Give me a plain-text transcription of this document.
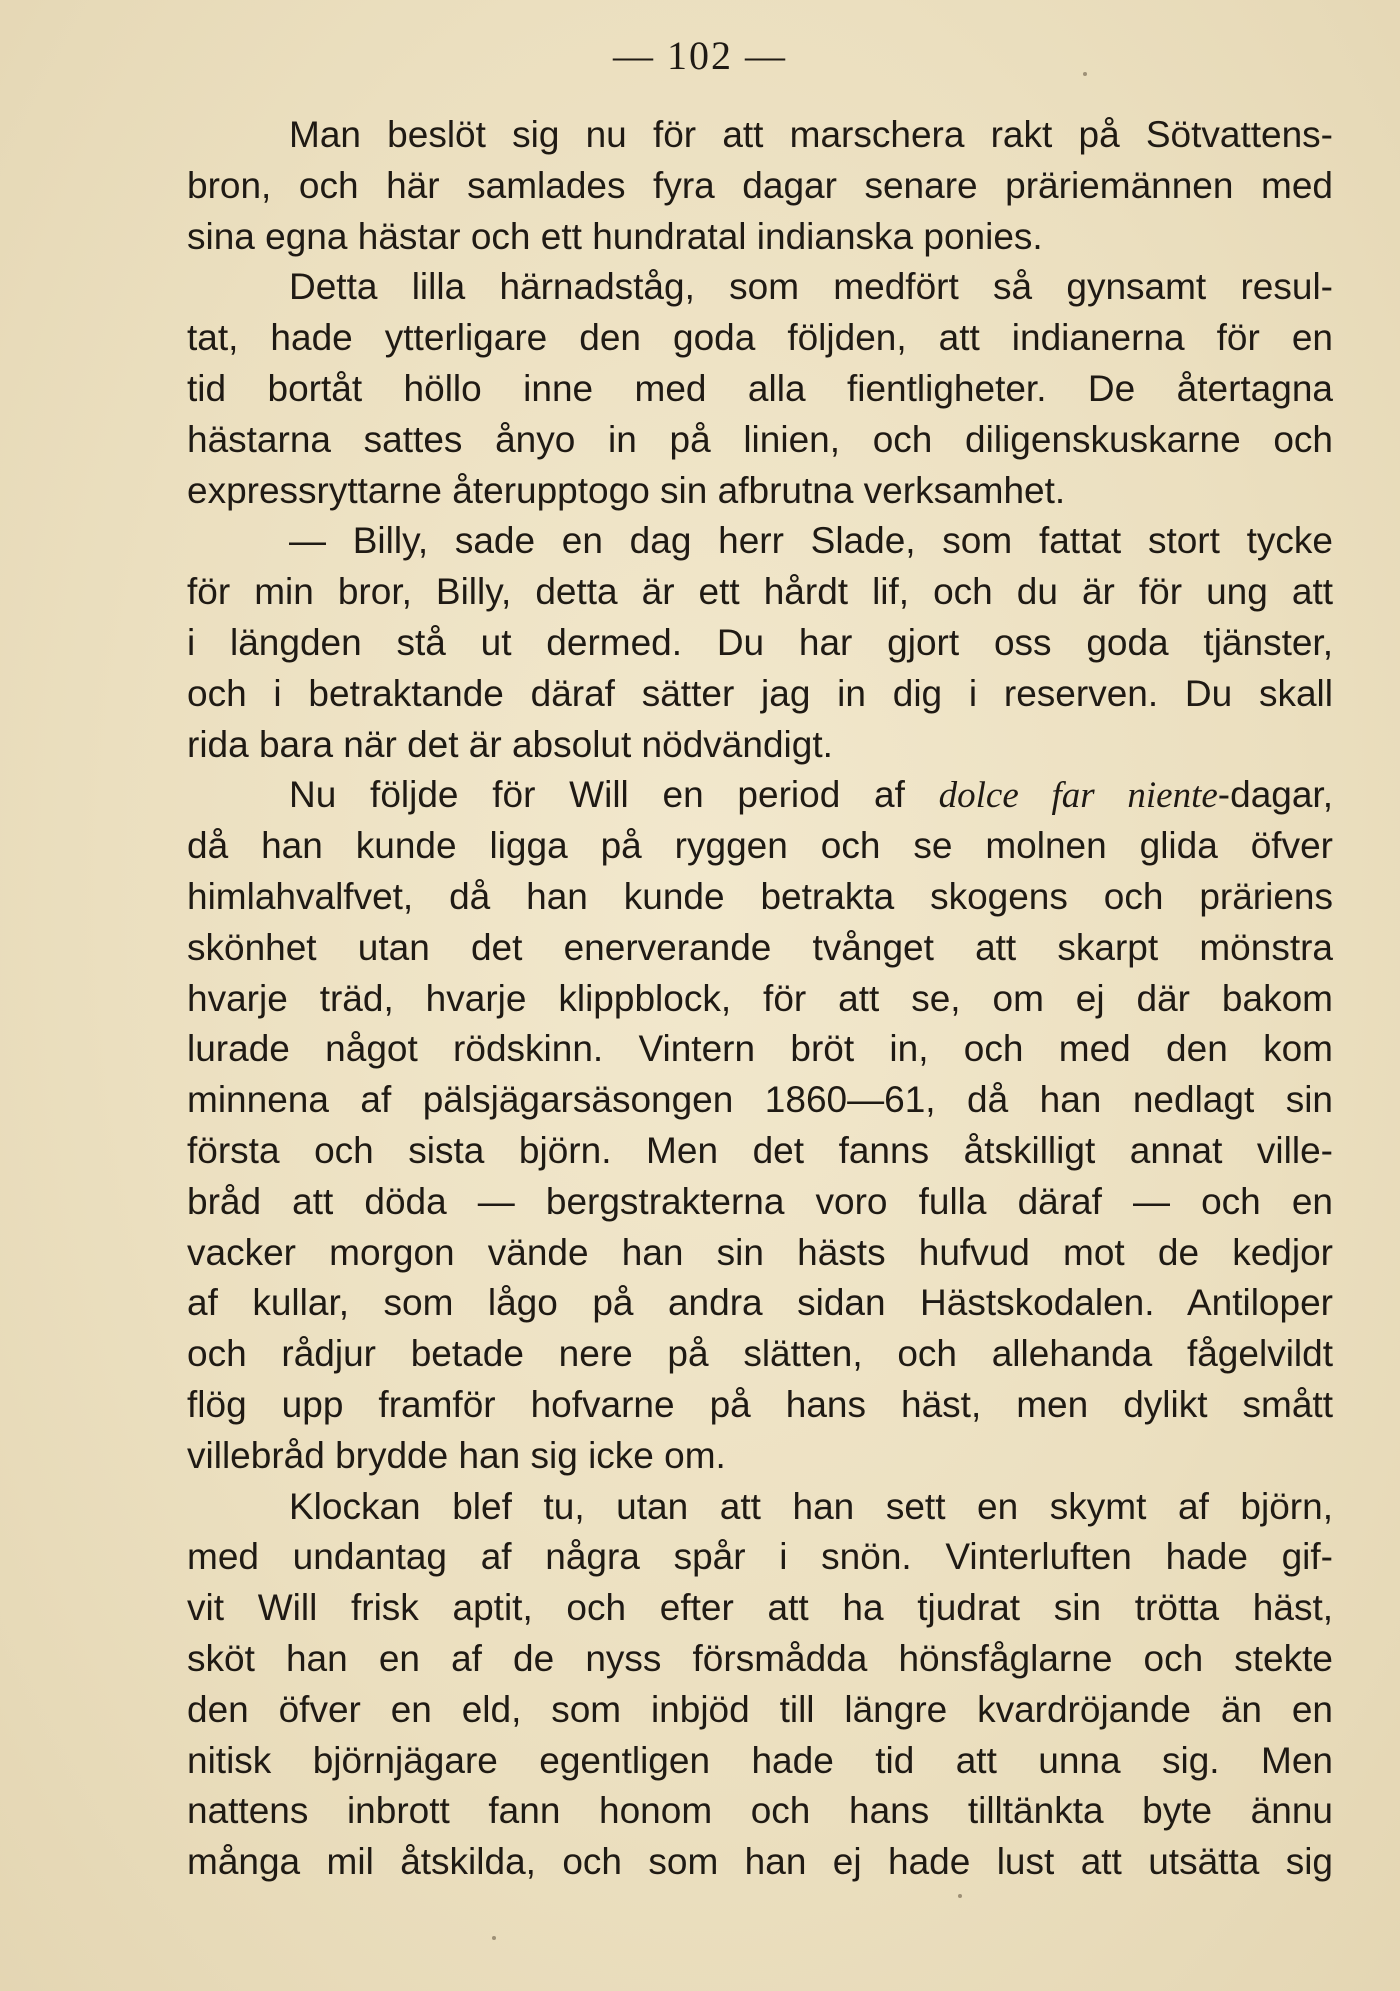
— 102 —
Man beslöt sig nu för att marschera rakt på Sötvattens-
bron, och här samlades fyra dagar senare präriemännen med
sina egna hästar och ett hundratal indianska ponies.
Detta lilla härnadståg, som medfört så gynsamt resul-
tat, hade ytterligare den goda följden, att indianerna för en
tid bortåt höllo inne med alla fientligheter. De återtagna
hästarna sattes ånyo in på linien, och diligenskuskarne och
expressryttarne återupptogo sin afbrutna verksamhet.
— Billy, sade en dag herr Slade, som fattat stort tycke
för min bror, Billy, detta är ett hårdt lif, och du är för ung att
i längden stå ut dermed. Du har gjort oss goda tjänster,
och i betraktande däraf sätter jag in dig i reserven. Du skall
rida bara när det är absolut nödvändigt.
Nu följde för Will en period af dolce far niente-dagar,
då han kunde ligga på ryggen och se molnen glida öfver
himlahvalfvet, då han kunde betrakta skogens och präriens
skönhet utan det enerverande tvånget att skarpt mönstra
hvarje träd, hvarje klippblock, för att se, om ej där bakom
lurade något rödskinn. Vintern bröt in, och med den kom
minnena af pälsjägarsäsongen 1860—61, då han nedlagt sin
första och sista björn. Men det fanns åtskilligt annat ville-
bråd att döda — bergstrakterna voro fulla däraf — och en
vacker morgon vände han sin hästs hufvud mot de kedjor
af kullar, som lågo på andra sidan Hästskodalen. Antiloper
och rådjur betade nere på slätten, och allehanda fågelvildt
flög upp framför hofvarne på hans häst, men dylikt smått
villebråd brydde han sig icke om.
Klockan blef tu, utan att han sett en skymt af björn,
med undantag af några spår i snön. Vinterluften hade gif-
vit Will frisk aptit, och efter att ha tjudrat sin trötta häst,
sköt han en af de nyss försmådda hönsfåglarne och stekte
den öfver en eld, som inbjöd till längre kvardröjande än en
nitisk björnjägare egentligen hade tid att unna sig. Men
nattens inbrott fann honom och hans tilltänkta byte ännu
många mil åtskilda, och som han ej hade lust att utsätta sig
